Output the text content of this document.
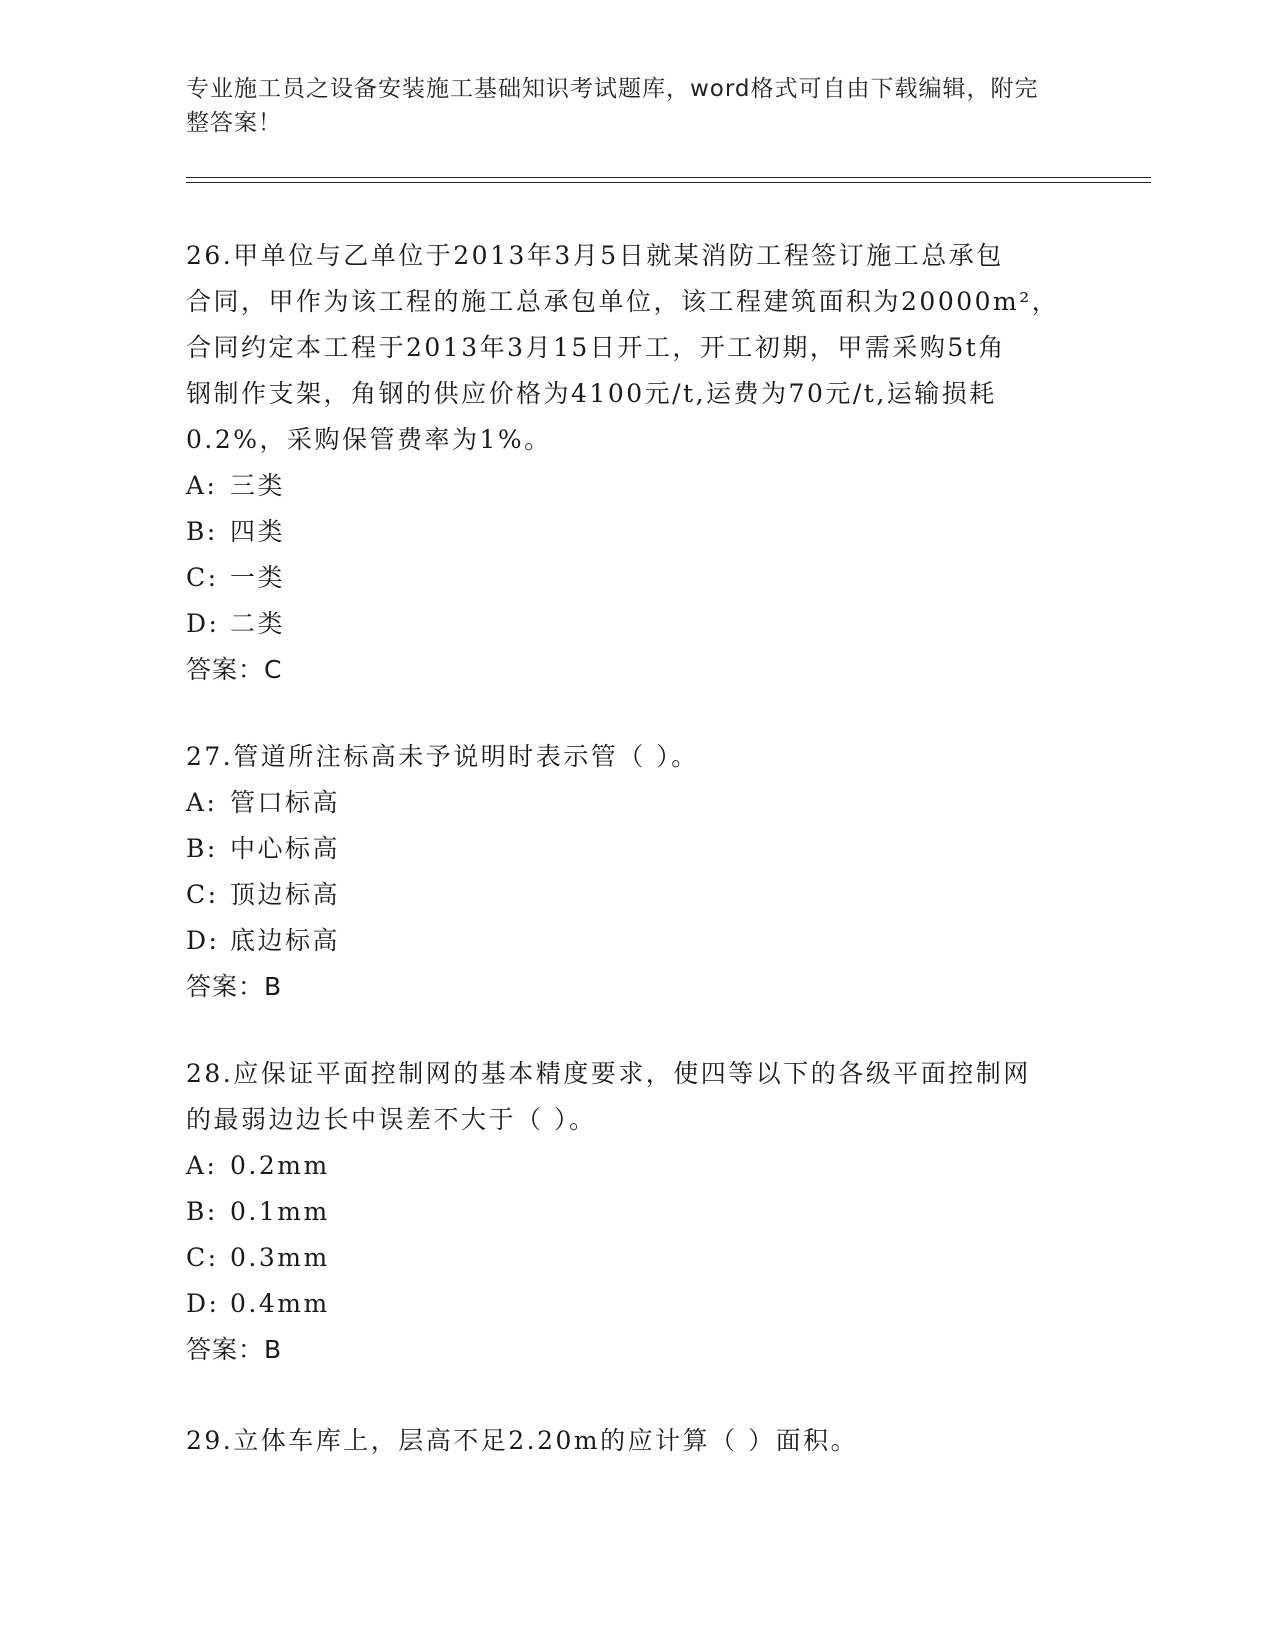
专业施工员之设备安装施工基础知识考试题库，word格式可自由下载编辑，附完
整答案！

26.甲单位与乙单位于2013年3月5日就某消防工程签订施工总承包

合同，甲作为该工程的施工总承包单位，该工程建筑面积为20000m²，

合同约定本工程于2013年3月15日开工，开工初期，甲需采购5t角

钢制作支架，角钢的供应价格为4100元/t,运费为70元/t,运输损耗

0.2%，采购保管费率为1%。

A: 三类

B: 四类

C: 一类

D: 二类

答案：C

27.管道所注标高未予说明时表示管（ ）。

A: 管口标高

B: 中心标高

C: 顶边标高

D: 底边标高

答案：B

28.应保证平面控制网的基本精度要求，使四等以下的各级平面控制网

的最弱边边长中误差不大于（ ）。

A: 0.2mm

B: 0.1mm

C: 0.3mm

D: 0.4mm

答案：B

29.立体车库上，层高不足2.20m的应计算（ ）面积。
